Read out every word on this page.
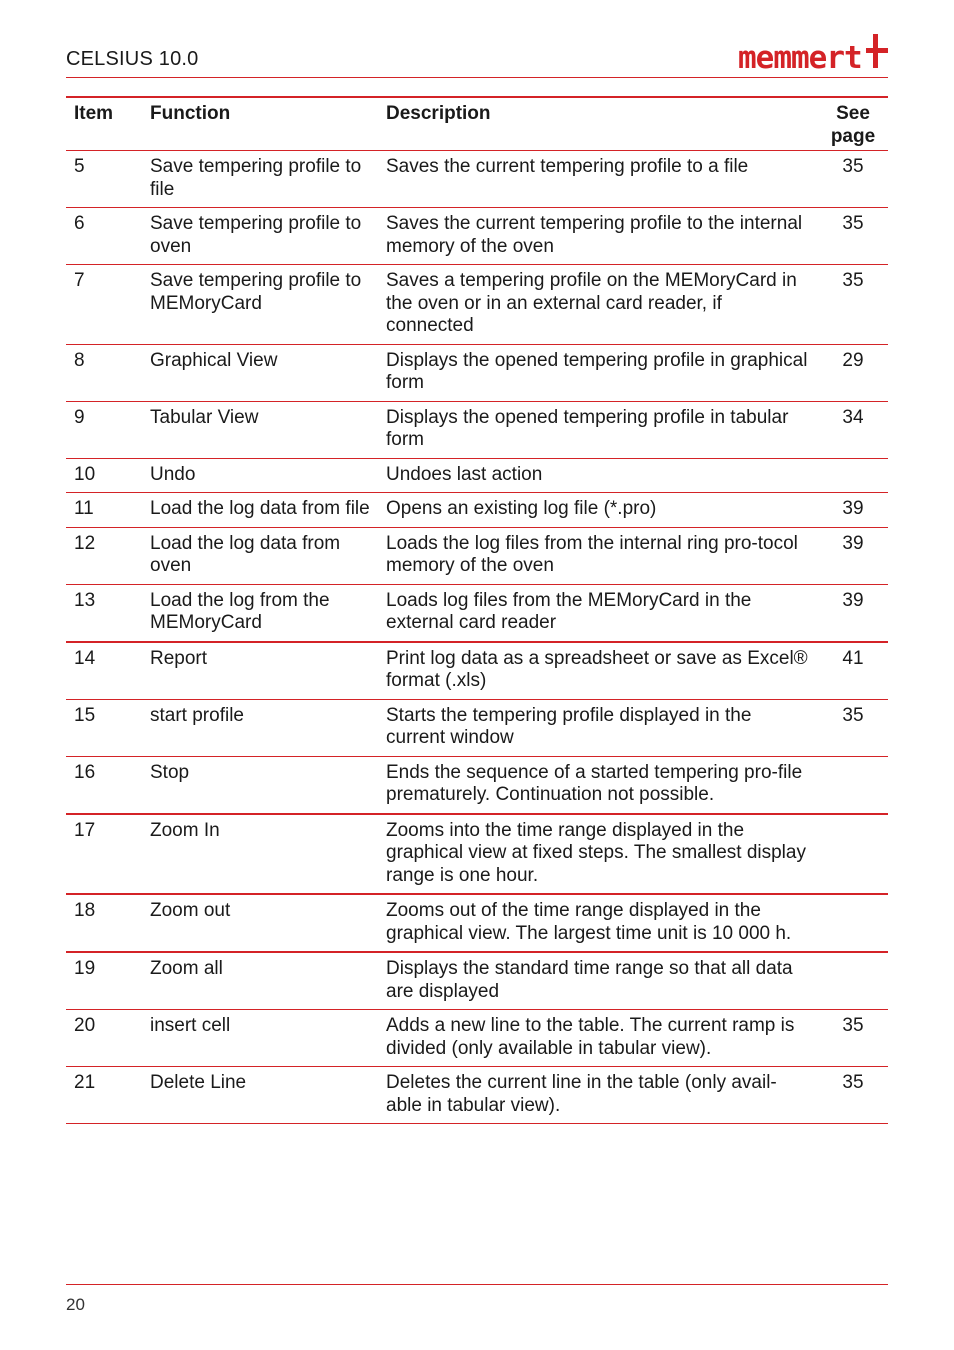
CELSIUS 10.0	memmert
Item	Function	Description	See page
5	Save tempering profile to file	Saves the current tempering profile to a file	35
6	Save tempering profile to oven	Saves the current tempering profile to the internal memory of the oven	35
7	Save tempering profile to MEMoryCard	Saves a tempering profile on the MEMoryCard in the oven or in an external card reader, if connected	35
8	Graphical View	Displays the opened tempering profile in graphical form	29
9	Tabular View	Displays the opened tempering profile in tabular form	34
10	Undo	Undoes last action	
11	Load the log data from file	Opens an existing log file (*.pro)	39
12	Load the log data from oven	Loads the log files from the internal ring pro-tocol memory of the oven	39
13	Load the log from the MEMoryCard	Loads log files from the MEMoryCard in the external card reader	39
14	Report	Print log data as a spreadsheet or save as Excel® format (.xls)	41
15	start profile	Starts the tempering profile displayed in the current window	35
16	Stop	Ends the sequence of a started tempering pro-file prematurely. Continuation not possible.	
17	Zoom In	Zooms into the time range displayed in the graphical view at fixed steps. The smallest display range is one hour.	
18	Zoom out	Zooms out of the time range displayed in the graphical view. The largest time unit is 10 000 h.	
19	Zoom all	Displays the standard time range so that all data are displayed	
20	insert cell	Adds a new line to the table. The current ramp is divided (only available in tabular view).	35
21	Delete Line	Deletes the current line in the table (only avail-able in tabular view).	35
20
